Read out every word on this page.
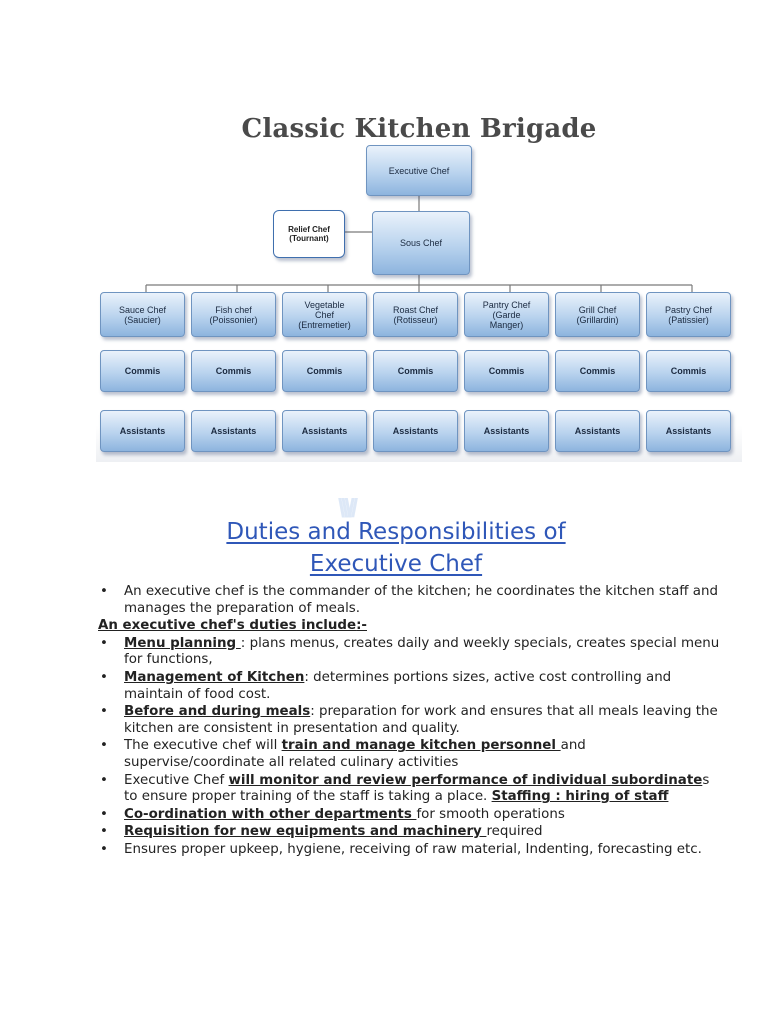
Classic Kitchen Brigade
Executive Chef
Relief Chef
(Tournant)	Sous Chef
Sauce Chef
(Saucier)
Commis
Assistants
Fish chef
(Poissonier)
Commis
Assistants
Vegetable
Chef
(Entremetier)
Commis
Assistants
Roast Chef
(Rotisseur)
Commis
Assistants
Pantry Chef
(Garde
Manger)
Commis
Assistants
Grill Chef
(Grillardin)
Commis
Assistants
Pastry Chef
(Patissier)
Commis
Assistants
\\\//
Duties and Responsibilities of
Executive Chef
• An executive chef is the commander of the kitchen; he coordinates the kitchen staff and manages the preparation of meals.
An executive chef's duties include:-
• Menu planning : plans menus, creates daily and weekly specials, creates special menu for functions,
• Management of Kitchen: determines portions sizes, active cost controlling and maintain of food cost.
• Before and during meals: preparation for work and ensures that all meals leaving the kitchen are consistent in presentation and quality.
• The executive chef will train and manage kitchen personnel and supervise/coordinate all related culinary activities
• Executive Chef will monitor and review performance of individual subordinates to ensure proper training of the staff is taking a place. Staffing : hiring of staff
• Co-ordination with other departments for smooth operations
• Requisition for new equipments and machinery required
• Ensures proper upkeep, hygiene, receiving of raw material, Indenting, forecasting etc.
